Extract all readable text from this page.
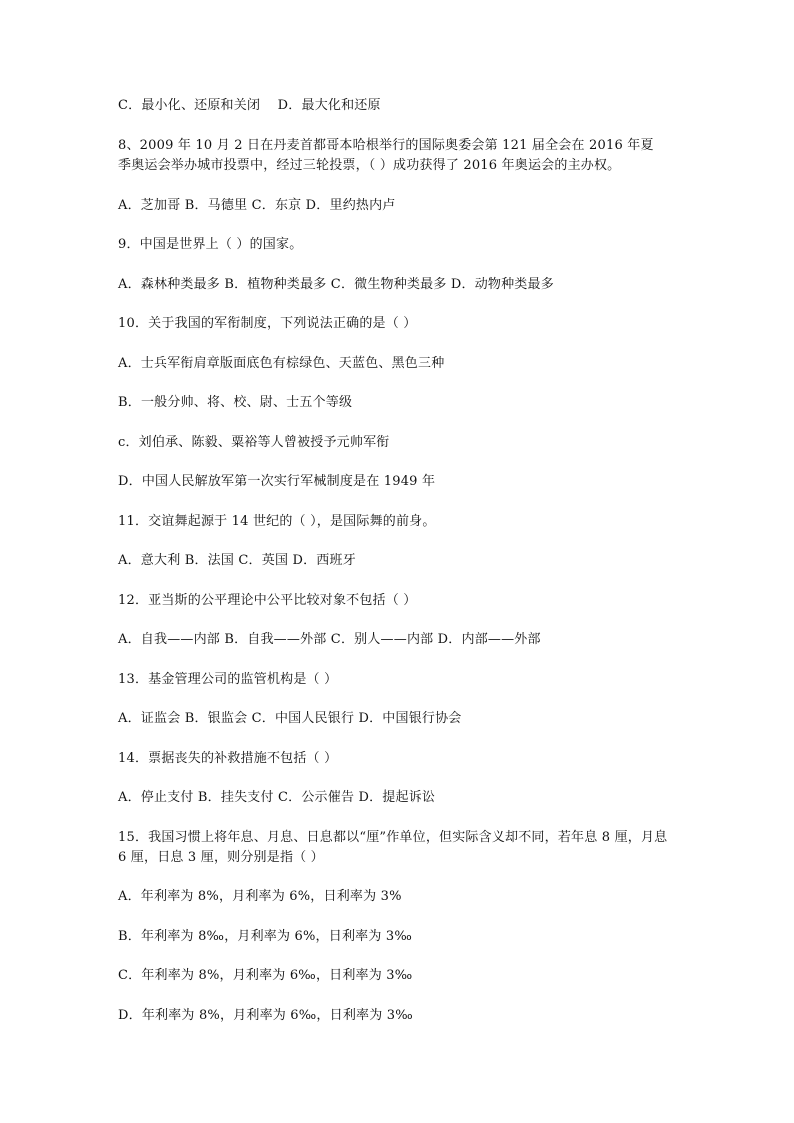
C．最小化、还原和关闭　 D．最大化和还原
8、2009 年 10 月 2 日在丹麦首都哥本哈根举行的国际奥委会第 121 届全会在 2016 年夏季奥运会举办城市投票中，经过三轮投票，（ ）成功获得了 2016 年奥运会的主办权。
A．芝加哥 B．马德里 C．东京 D．里约热内卢
9．中国是世界上（ ）的国家。
A．森林种类最多 B．植物种类最多 C．微生物种类最多 D．动物种类最多
10．关于我国的军衔制度，下列说法正确的是（ ）
A．士兵军衔肩章版面底色有棕绿色、天蓝色、黑色三种
B．一般分帅、将、校、尉、士五个等级
c．刘伯承、陈毅、粟裕等人曾被授予元帅军衔
D．中国人民解放军第一次实行军械制度是在 1949 年
11．交谊舞起源于 14 世纪的（ ），是国际舞的前身。
A．意大利 B．法国 C．英国 D．西班牙
12．亚当斯的公平理论中公平比较对象不包括（ ）
A．自我——内部 B．自我——外部 C．别人——内部 D．内部——外部
13．基金管理公司的监管机构是（ ）
A．证监会 B．银监会 C．中国人民银行 D．中国银行协会
14．票据丧失的补救措施不包括（ ）
A．停止支付 B．挂失支付 C．公示催告 D．提起诉讼
15．我国习惯上将年息、月息、日息都以“厘”作单位，但实际含义却不同，若年息 8 厘，月息 6 厘，日息 3 厘，则分别是指（ ）
A．年利率为 8%，月利率为 6%，日利率为 3%
B．年利率为 8‰，月利率为 6%，日利率为 3‰
C．年利率为 8%，月利率为 6‰，日利率为 3‰
D．年利率为 8%，月利率为 6‰，日利率为 3‰
